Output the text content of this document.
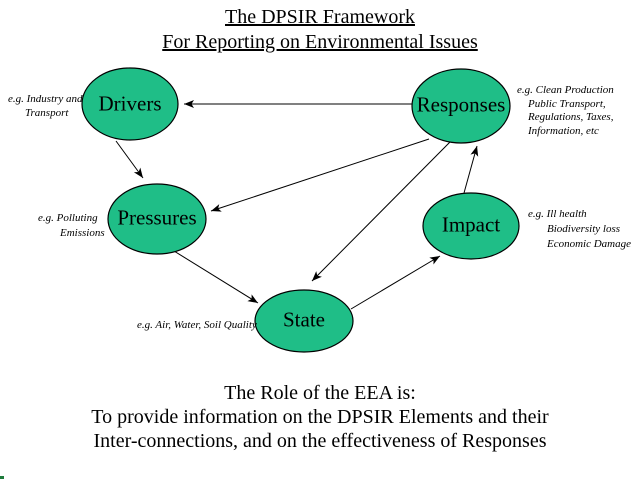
The DPSIR Framework
For Reporting on Environmental Issues
Drivers
Pressures
State
Impact
Responses
e.g. Industry and
Transport
e.g. Clean Production
Public Transport,
Regulations, Taxes,
Information, etc
e.g. Polluting
Emissions
e.g. Ill health
Biodiversity loss
Economic Damage
e.g. Air, Water, Soil Quality
The Role of the EEA is:
To provide information on the DPSIR Elements and their
Inter-connections, and on the effectiveness of Responses
